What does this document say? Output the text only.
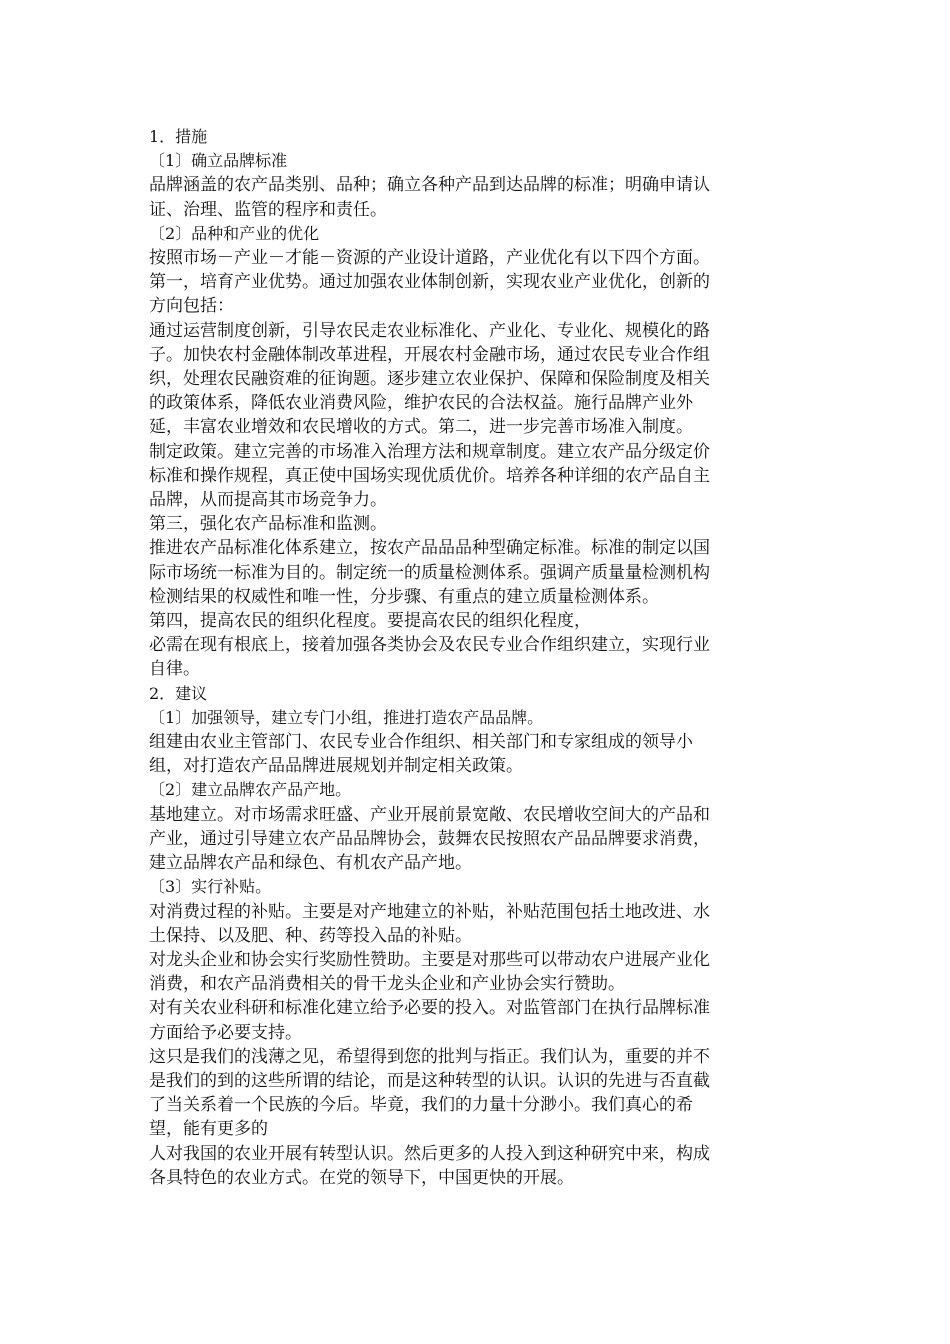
1．措施
〔1〕确立品牌标准
品牌涵盖的农产品类别、品种；确立各种产品到达品牌的标准；明确申请认
证、治理、监管的程序和责任。
〔2〕品种和产业的优化
按照市场－产业－才能－资源的产业设计道路，产业优化有以下四个方面。
第一，培育产业优势。通过加强农业体制创新，实现农业产业优化，创新的
方向包括：
通过运营制度创新，引导农民走农业标准化、产业化、专业化、规模化的路
子。加快农村金融体制改革进程，开展农村金融市场，通过农民专业合作组
织，处理农民融资难的征询题。逐步建立农业保护、保障和保险制度及相关
的政策体系，降低农业消费风险，维护农民的合法权益。施行品牌产业外
延，丰富农业增效和农民增收的方式。第二，进一步完善市场准入制度。
制定政策。建立完善的市场准入治理方法和规章制度。建立农产品分级定价
标准和操作规程，真正使中国场实现优质优价。培养各种详细的农产品自主
品牌，从而提高其市场竞争力。
第三，强化农产品标准和监测。
推进农产品标准化体系建立，按农产品品品种型确定标准。标准的制定以国
际市场统一标准为目的。制定统一的质量检测体系。强调产质量量检测机构
检测结果的权威性和唯一性，分步骤、有重点的建立质量检测体系。
第四，提高农民的组织化程度。要提高农民的组织化程度，
必需在现有根底上，接着加强各类协会及农民专业合作组织建立，实现行业
自律。
2．建议
〔1〕加强领导，建立专门小组，推进打造农产品品牌。
组建由农业主管部门、农民专业合作组织、相关部门和专家组成的领导小
组，对打造农产品品牌进展规划并制定相关政策。
〔2〕建立品牌农产品产地。
基地建立。对市场需求旺盛、产业开展前景宽敞、农民增收空间大的产品和
产业，通过引导建立农产品品牌协会，鼓舞农民按照农产品品牌要求消费，
建立品牌农产品和绿色、有机农产品产地。
〔3〕实行补贴。
对消费过程的补贴。主要是对产地建立的补贴，补贴范围包括土地改进、水
土保持、以及肥、种、药等投入品的补贴。
对龙头企业和协会实行奖励性赞助。主要是对那些可以带动农户进展产业化
消费，和农产品消费相关的骨干龙头企业和产业协会实行赞助。
对有关农业科研和标准化建立给予必要的投入。对监管部门在执行品牌标准
方面给予必要支持。
这只是我们的浅薄之见，希望得到您的批判与指正。我们认为，重要的并不
是我们的到的这些所谓的结论，而是这种转型的认识。认识的先进与否直截
了当关系着一个民族的今后。毕竟，我们的力量十分渺小。我们真心的希
望，能有更多的
人对我国的农业开展有转型认识。然后更多的人投入到这种研究中来，构成
各具特色的农业方式。在党的领导下，中国更快的开展。
